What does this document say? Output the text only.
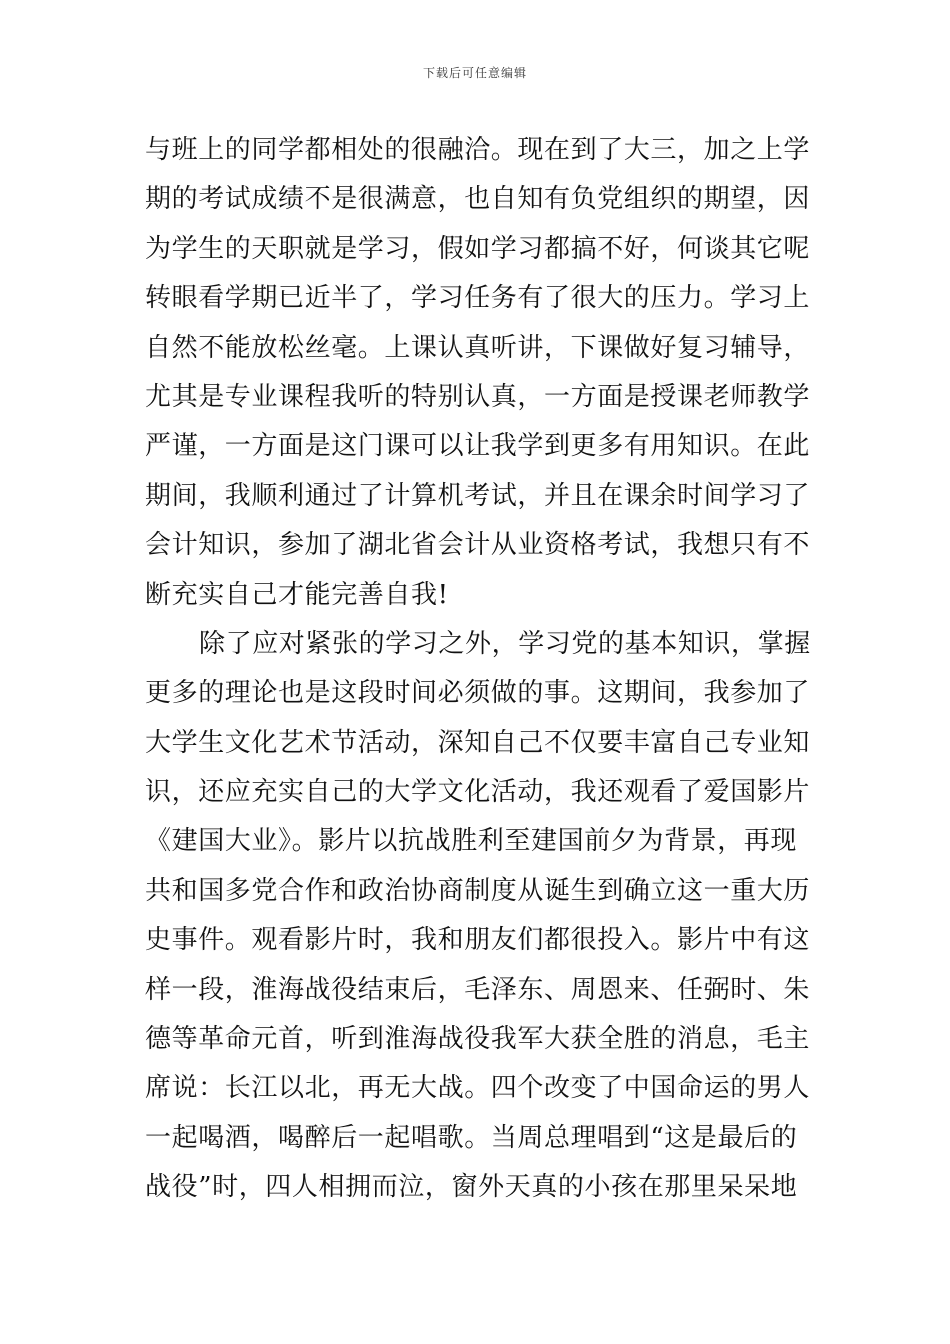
下载后可任意编辑
与班上的同学都相处的很融洽。现在到了大三，加之上学
期的考试成绩不是很满意，也自知有负党组织的期望，因
为学生的天职就是学习，假如学习都搞不好，何谈其它呢
转眼看学期已近半了，学习任务有了很大的压力。学习上
自然不能放松丝毫。上课认真听讲，下课做好复习辅导，
尤其是专业课程我听的特别认真，一方面是授课老师教学
严谨，一方面是这门课可以让我学到更多有用知识。在此
期间，我顺利通过了计算机考试，并且在课余时间学习了
会计知识，参加了湖北省会计从业资格考试，我想只有不
断充实自己才能完善自我!
除了应对紧张的学习之外，学习党的基本知识，掌握
更多的理论也是这段时间必须做的事。这期间，我参加了
大学生文化艺术节活动，深知自己不仅要丰富自己专业知
识，还应充实自己的大学文化活动，我还观看了爱国影片
《建国大业》。影片以抗战胜利至建国前夕为背景，再现
共和国多党合作和政治协商制度从诞生到确立这一重大历
史事件。观看影片时，我和朋友们都很投入。影片中有这
样一段，淮海战役结束后，毛泽东、周恩来、任弼时、朱
德等革命元首，听到淮海战役我军大获全胜的消息，毛主
席说：长江以北，再无大战。四个改变了中国命运的男人
一起喝酒，喝醉后一起唱歌。当周总理唱到“这是最后的
战役”时，四人相拥而泣，窗外天真的小孩在那里呆呆地
